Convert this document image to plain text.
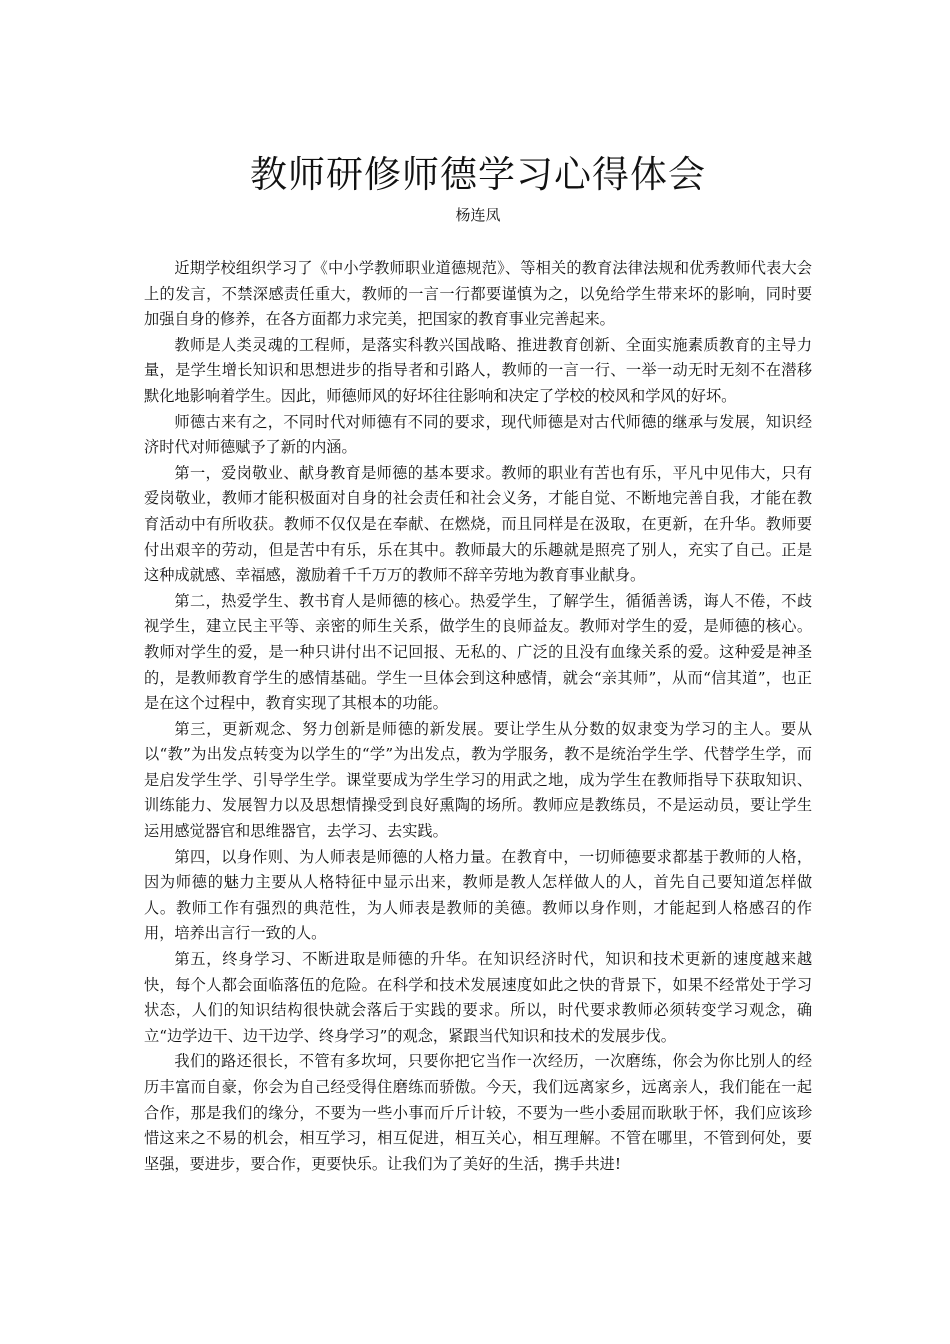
教师研修师德学习心得体会
杨连凤

近期学校组织学习了《中小学教师职业道德规范》、等相关的教育法律法规和优秀教师代表大会上的发言，不禁深感责任重大，教师的一言一行都要谨慎为之，以免给学生带来坏的影响，同时要加强自身的修养，在各方面都力求完美，把国家的教育事业完善起来。

教师是人类灵魂的工程师，是落实科教兴国战略、推进教育创新、全面实施素质教育的主导力量，是学生增长知识和思想进步的指导者和引路人，教师的一言一行、一举一动无时无刻不在潜移默化地影响着学生。因此，师德师风的好坏往往影响和决定了学校的校风和学风的好坏。

师德古来有之，不同时代对师德有不同的要求，现代师德是对古代师德的继承与发展，知识经济时代对师德赋予了新的内涵。

第一，爱岗敬业、献身教育是师德的基本要求。教师的职业有苦也有乐，平凡中见伟大，只有爱岗敬业，教师才能积极面对自身的社会责任和社会义务，才能自觉、不断地完善自我，才能在教育活动中有所收获。教师不仅仅是在奉献、在燃烧，而且同样是在汲取，在更新，在升华。教师要付出艰辛的劳动，但是苦中有乐，乐在其中。教师最大的乐趣就是照亮了别人，充实了自己。正是这种成就感、幸福感，激励着千千万万的教师不辞辛劳地为教育事业献身。

第二，热爱学生、教书育人是师德的核心。热爱学生，了解学生，循循善诱，诲人不倦，不歧视学生，建立民主平等、亲密的师生关系，做学生的良师益友。教师对学生的爱，是师德的核心。教师对学生的爱，是一种只讲付出不记回报、无私的、广泛的且没有血缘关系的爱。这种爱是神圣的，是教师教育学生的感情基础。学生一旦体会到这种感情，就会“亲其师”，从而“信其道”，也正是在这个过程中，教育实现了其根本的功能。

第三，更新观念、努力创新是师德的新发展。要让学生从分数的奴隶变为学习的主人。要从以“教”为出发点转变为以学生的“学”为出发点，教为学服务，教不是统治学生学、代替学生学，而是启发学生学、引导学生学。课堂要成为学生学习的用武之地，成为学生在教师指导下获取知识、训练能力、发展智力以及思想情操受到良好熏陶的场所。教师应是教练员，不是运动员，要让学生运用感觉器官和思维器官，去学习、去实践。

第四，以身作则、为人师表是师德的人格力量。在教育中，一切师德要求都基于教师的人格，因为师德的魅力主要从人格特征中显示出来，教师是教人怎样做人的人，首先自己要知道怎样做人。教师工作有强烈的典范性，为人师表是教师的美德。教师以身作则，才能起到人格感召的作用，培养出言行一致的人。

第五，终身学习、不断进取是师德的升华。在知识经济时代，知识和技术更新的速度越来越快，每个人都会面临落伍的危险。在科学和技术发展速度如此之快的背景下，如果不经常处于学习状态，人们的知识结构很快就会落后于实践的要求。所以，时代要求教师必须转变学习观念，确立“边学边干、边干边学、终身学习”的观念，紧跟当代知识和技术的发展步伐。

我们的路还很长，不管有多坎坷，只要你把它当作一次经历，一次磨练，你会为你比别人的经历丰富而自豪，你会为自己经受得住磨练而骄傲。今天，我们远离家乡，远离亲人，我们能在一起合作，那是我们的缘分，不要为一些小事而斤斤计较，不要为一些小委屈而耿耿于怀，我们应该珍惜这来之不易的机会，相互学习，相互促进，相互关心，相互理解。不管在哪里，不管到何处，要坚强，要进步，要合作，更要快乐。让我们为了美好的生活，携手共进!
